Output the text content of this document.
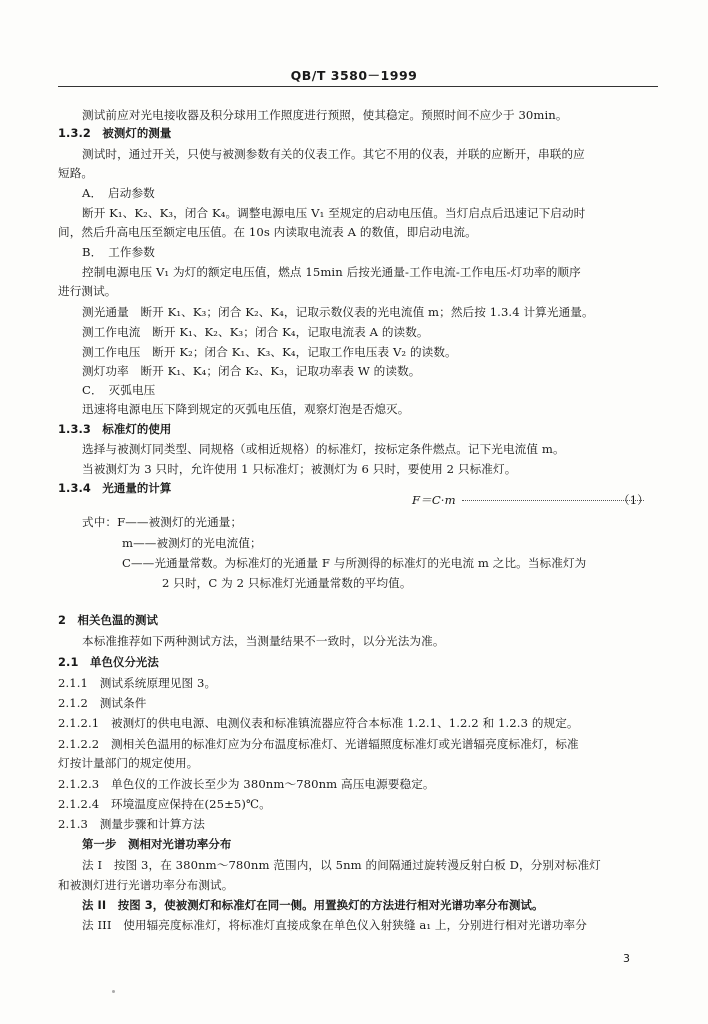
QB/T 3580－1999
测试前应对光电接收器及积分球用工作照度进行预照，使其稳定。预照时间不应少于 30min。
1.3.2　被测灯的测量
测试时，通过开关，只使与被测参数有关的仪表工作。其它不用的仪表，并联的应断开，串联的应
短路。
A．　启动参数
断开 K₁、K₂、K₃，闭合 K₄。调整电源电压 V₁ 至规定的启动电压值。当灯启点后迅速记下启动时
间，然后升高电压至额定电压值。在 10s 内读取电流表 A 的数值，即启动电流。
B．　工作参数
控制电源电压 V₁ 为灯的额定电压值，燃点 15min 后按光通量-工作电流-工作电压-灯功率的顺序
进行测试。
测光通量　断开 K₁、K₃；闭合 K₂、K₄，记取示数仪表的光电流值 m；然后按 1.3.4 计算光通量。
测工作电流　断开 K₁、K₂、K₃；闭合 K₄，记取电流表 A 的读数。
测工作电压　断开 K₂；闭合 K₁、K₃、K₄，记取工作电压表 V₂ 的读数。
测灯功率　断开 K₁、K₄；闭合 K₂、K₃，记取功率表 W 的读数。
C．　灭弧电压
迅速将电源电压下降到规定的灭弧电压值，观察灯泡是否熄灭。
1.3.3　标准灯的使用
选择与被测灯同类型、同规格（或相近规格）的标准灯，按标定条件燃点。记下光电流值 m。
当被测灯为 3 只时，允许使用 1 只标准灯；被测灯为 6 只时，要使用 2 只标准灯。
1.3.4　光通量的计算
F＝C·m	（1）
式中：F——被测灯的光通量；
m——被测灯的光电流值；
C——光通量常数。为标准灯的光通量 F 与所测得的标准灯的光电流 m 之比。当标准灯为
2 只时，C 为 2 只标准灯光通量常数的平均值。
2　相关色温的测试
本标准推荐如下两种测试方法，当测量结果不一致时，以分光法为准。
2.1　单色仪分光法
2.1.1　测试系统原理见图 3。
2.1.2　测试条件
2.1.2.1　被测灯的供电电源、电测仪表和标准镇流器应符合本标准 1.2.1、1.2.2 和 1.2.3 的规定。
2.1.2.2　测相关色温用的标准灯应为分布温度标准灯、光谱辐照度标准灯或光谱辐亮度标准灯，标准
灯按计量部门的规定使用。
2.1.2.3　单色仪的工作波长至少为 380nm～780nm 高压电源要稳定。
2.1.2.4　环境温度应保持在(25±5)℃。
2.1.3　测量步骤和计算方法
第一步　测相对光谱功率分布
法 I　按图 3，在 380nm～780nm 范围内，以 5nm 的间隔通过旋转漫反射白板 D，分别对标准灯
和被测灯进行光谱功率分布测试。
法 II　按图 3，使被测灯和标准灯在同一侧。用置换灯的方法进行相对光谱功率分布测试。
法 III　使用辐亮度标准灯，将标准灯直接成象在单色仪入射狭缝 a₁ 上，分别进行相对光谱功率分
3
